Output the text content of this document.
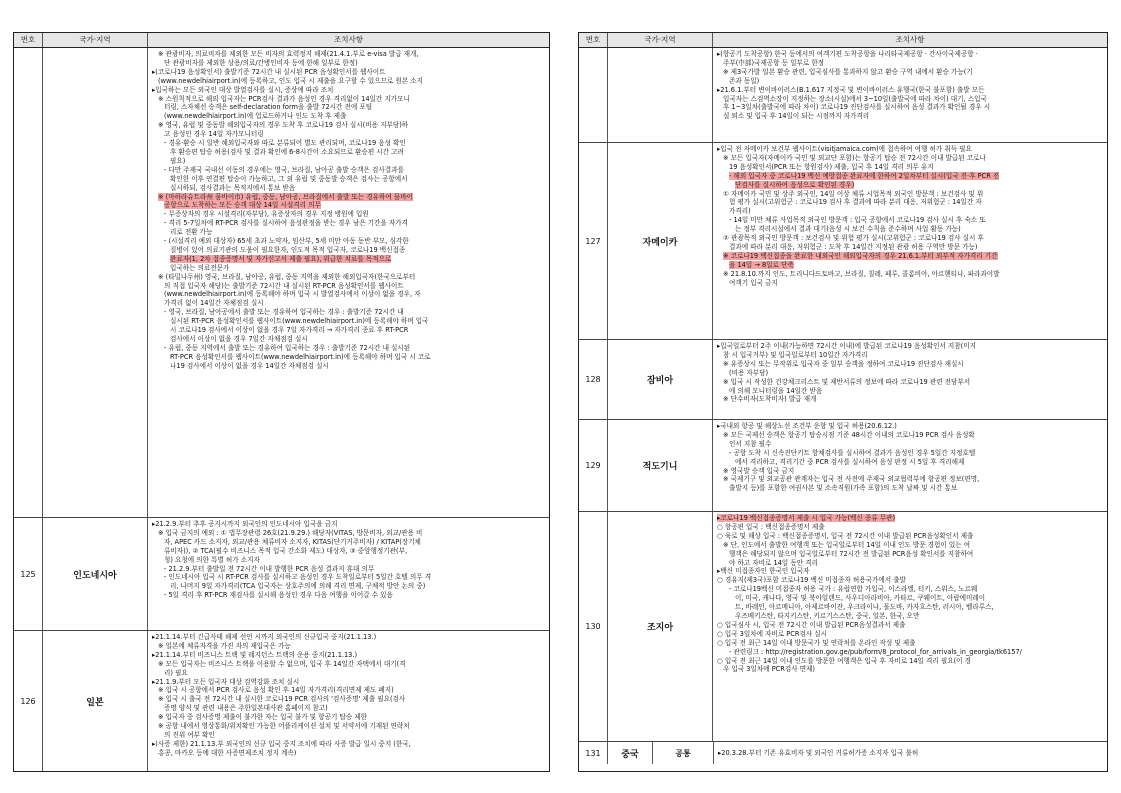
번호	국가·지역	조치사항
※ 관광비자, 의료비자를 제외한 모든 비자의 효력정지 해제(21.4.1.부로 e-visa 발급 재개,
단 관광비자를 제외한 상용/의료/간병인비자 등에 한해 일부로 한정)
▸(코로나19 음성확인서) 출발기준 72시간 내 실시된 PCR 음성확인서를 웹사이트
(www.newdelhiairport.in)에 등록하고, 인도 입국 시 제출을 요구할 수 있으므로 원본 소지
▸입국하는 모든 외국인 대상 발열검사를 실시, 증상에 따라 조치
※ 스원칙적으로 해외 입국자는 PCR검사 결과가 음성인 경우 격리없이 14일간 지가모니
터링, 스자체선 승객은 self-declaration form을 출발 72시간 전에 포털
(www.newdelhiairport.in)에 업로드하거나 인도 도착 후 제출
※ 영국, 유럽 및 중동발 해외입국자의 경우 도착 후 코로나19 검사 실시(비용 지부담)하
고 음성인 경우 14일 자가모니터링
- 경유·환승 시 일반 해외입국자와 따로 분류되어 별도 관리되며, 코로나19 음성 확인
후 환승편 탑승 허용(검사 및 결과 확인에 6-8시간이 소요되므로 환승편 시간 고려
필요)
- 다만 주재국 국내선 이동의 경우에는 영국, 브라질, 남아공 출발 승객은 검사결과를
확인한 이후 연결편 탑승이 가능하고, 그 외 유럽 및 중동발 승객은 검사는 공항에서
실시하되, 검사결과는 목적지에서 통보 받음
※ (마하라슈트라州 뭄바이市) 유럽, 중동, 남아공, 브라질에서 출발 또는 경유하여 뭄바이
공항으로 도착하는 모든 승객 대상 14일 시설격리 의무
- 무증상자의 경우 시설격리(자부담), 유증상자의 경우 지정 병원에 입원
- 격리 5-7일차에 RT-PCR 검사를 실시하여 음성판정을 받는 경우 남은 기간을 자가격
리로 전환 가능
- (시설격리 예외 대상자) 65세 초과 노약자, 임산부, 5세 미만 아동 동반 부모, 심각한
질병이 있어 의료기관의 도움이 필요한자, 인도적 목적 입국자, 코로나19 백신접종
완료자(1, 2차 접종증명서 및 자가신고서 제출 필요), 위급한 치료를 목적으로
입국하는 의료전문가
※ (타밀나두州) 영국, 브라질, 남아공, 유럽, 중동 지역을 제외한 해외입국자(한국으로부터
의 직접 입국자 해당)는 출발기준 72시간 내 실시된 RT-PCR 음성확인서를 웹사이트
(www.newdelhiairport.in)에 등록해야 하며 입국 시 발열검사에서 이상이 없을 경우, 자
가격리 없이 14일간 자체점검 실시
- 영국, 브라질, 남아공에서 출발 또는 경유하여 입국하는 경우 : 출발기준 72시간 내
실시된 RT-PCR 음성확인서를 웹사이트(www.newdelhiairport.in)에 등록해야 하며 입국
시 코로나19 검사에서 이상이 없을 경우 7일 자가격리 → 자가격리 종료 후 RT-PCR
검사에서 이상이 없을 경우 7일간 자체점검 실시
- 유럽, 중동 지역에서 출발 또는 경유하여 입국하는 경우 : 출발기준 72시간 내 실시된
RT-PCR 음성확인서를 웹사이트(www.newdelhiairport.in)에 등록해야 하며 입국 시 코로
나19 검사에서 이상이 없을 경우 14일간 자체점검 실시
125	인도네시아
▸21.2.9.부터 추후 공지시까지 외국인의 인도네시아 입국을 금지
※ 입국 금지의 예외 : ① 법무장관령 26호(21.9.29.) 해당자(VITAS, 방문비자, 외교/관용 비
자, APEC 카드 소지자, 외교/관용 체류비자 소지자, KITAS(단기거주비자) / KITAP(장기체
류비자)), ② TCA(필수 비즈니스 목적 입국 간소화 제도) 대상자, ③ 중앙행정기관(부,
청) 요청에 의한 특별 허가 소지자
- 21.2.9.부터 출발일 전 72시간 이내 발행한 PCR 음성 결과지 휴대 의무
- 인도네시아 입국 시 RT-PCR 검사를 실시하고 음성인 경우 도착일로부터 5일간 호텔 의무 격
리, 나머지 9일 자가격리(TCA 입국자는 상호주의에 의해 격리 면제, 구체적 방안 논의 중)
- 5일 격리 후 RT-PCR 재검사를 실시해 음성인 경우 다음 여행을 이어갈 수 있음
126	일본
▸21.1.14.부터 긴급사태 해제 선언 시까지 외국인의 신규입국 중지(21.1.13.)
※ 일본에 체류자격을 가진 자의 재입국은 가능
▸21.1.14.부터 비즈니스 트랙 및 레지던스 트랙의 운용 중지(21.1.13.)
※ 모든 입국자는 비즈니스 트랙을 이용할 수 없으며, 입국 후 14일간 자택에서 대기(격
리) 필요
▸21.1.9.부터 모든 입국자 대상 검역강화 조치 실시
※ 입국 시 공항에서 PCR 검사로 음성 확인 후 14일 자가격리(격리면제 제도 폐지)
※ 입국 시 출국 전 72시간 내 실시한 코로나19 PCR 검사의 '검사증명' 제출 필요(검사
증명 양식 및 관련 내용은 주한일본대사관 홈페이지 참고)
※ 입국자 중 검사증명 제출이 불가한 자는 입국 불가 및 항공기 탑승 제한
※ 공항 내에서 영상통화/위치확인 가능한 어플리케이션 설치 및 서약서에 기재된 연락처
의 진위 여부 확인
▸(사증 제한) 21.1.13.부 외국인의 신규 입국 중지 조치에 따라 사증 발급 일시 중지 (한국,
홍콩, 마카오 등에 대한 사증면제조치 정지 계속)
번호	국가·지역	조치사항
▸(항공기 도착공항) 한국 등에서의 여객기편 도착공항을 나리타국제공항 · 간사이국제공항 ·
주부(中部)국제공항 등 일부로 한정
※ 제3국가발 일본 환승 관련, 입국심사를 통과하지 않고 환승 구역 내에서 환승 가능(기
존과 동일)
▸21.6.1.부터 변이바이러스(B.1.617 지정국 및 변이바이러스 유행국(한국 불포함) 출발 모든
입국자는 스검역소장이 지정하는 장소(시설)에서 3~10일(출발국에 따라 차이) 대기, 스입국
후 1~3일차(출발국에 따라 차이) 코로나19 진단검사를 실시하여 음성 결과가 확인될 경우 시
설 퇴소 및 입국 후 14일이 되는 시점까지 자가격리
127	자메이카
▸입국 전 자메이카 보건부 웹사이트(visitjamaica.com)에 접속하여 여행 허가 취득 필요
※ 모든 입국자(자메이카 국민 및 외교단 포함)는 항공기 탑승 전 72시간 이내 발급된 코로나
19 음성확인서(PCR 또는 항원검사) 제출, 입국 후 14일 격리 의무 유지
- 해외 입국자 중 코로나19 백신 예방접종 완료자에 한하여 2일차부터 실시(입국 전·후 PCR 진
단검사를 실시하여 음성으로 확인된 경우)
① 자메이카 국민 및 상주 외국인, 14일 이상 체류 시업목적 외국인 방문객 : 보건검사 및 위
험 평가 실시(고위험군 : 코로나19 검사 후 결과에 따라 분리 대응, 저위험군 : 14일간 자
가격리)
- 14일 미만 체류 사업목적 외국인 방문객 : 입국 공항에서 코로나19 검사 실시 후 숙소 또
는 정부 격리시설에서 결과 대기(음성 시 보건 수칙을 준수하며 사업 활동 가능)
② 관광목적 외국인 방문객 : 보건검사 및 위험 평가 실시(고위험군 : 코로나19 검사 실시 후
결과에 따라 분리 대응, 저위험군 : 도착 후 14일간 지정된 관광 허용 구역만 방문 가능)
※ 코로나19 백신접종을 완료한 내외국인 해외입국자의 경우 21.6.1.부터 외부적 자가격리 기간
을 14일 → 8일로 단축
※ 21.8.10.까지 인도, 트리니다드토바고, 브라질, 칠레, 페루, 콜롬비아, 아르헨티나, 파라과이발
여객기 입국 금지
128	잠비아
▸입국일로부터 2주 이내(가능하면 72시간 이내)에 발급된 코로나19 음성확인서 지참(미지
참 시 입국거부) 및 입국일로부터 10일간 자가격리
※ 유증상시 또는 무작위로 입국자 중 일부 승객을 정하여 코로나19 진단검사 재실시
(비용 자부담)
※ 입국 시 작성한 건강체크리스트 및 제반서류의 정보에 따라 코로나19 관련 전담부서
에 의해 모니터링을 14일간 받음
※ 단수비자(도착비자) 발급 재개
129	적도기니
▸국내외 항공 및 해상노선 조건부 운항 및 입국 허용(20.6.12.)
※ 모든 국제선 승객은 항공기 탑승시점 기준 48시간 이내의 코로나19 PCR 검사 음성확
인서 지참 필수
- 공항 도착 시 신속진단키트 항체검사를 실시하여 결과가 음성인 경우 5일간 지정호텔
에서 격리하고, 격리기간 중 PCR 검사를 실시하여 음성 판정 시 5일 후 격리해제
※ 영국발 승객 입국 금지
※ 국제기구 및 외교공관 관계자는 입국 전 사전에 주재국 외교협력부에 항공편 정보(편명,
출발지 등)를 포함한 여권사본 및 소속직원(가족 포함)의 도착 날짜 및 시간 통보
130	조지아
▸코로나19 백신접종증명서 제출 시 입국 가능(백신 종류 무관)
○ 항공편 입국 : 백신접종증명서 제출
○ 육로 및 해상 입국 : 백신접종증명서, 입국 전 72시간 이내 발급된 PCR음성확인서 제출
※ 단, 인도에서 출발한 여행객 또는 입국일로부터 14일 이내 인도 방문 경험이 있는 여
행객은 해당되지 않으며 입국일로부터 72시간 전 발급된 PCR음성 확인서를 지참하여
야 하고 자비로 14일 동안 격리
▸백신 미접종자인 한국인 입국자
○ 경유지(제3국)포함 코로나19 백신 미접종자 허용국가에서 출발
- 코로나19백신 미접종자 허용 국가 : 유럽연합 가입국, 이스라엘, 터키, 스위스, 노르웨
이, 미국, 캐나다, 영국 및 북아일랜드, 사우디아라비아, 카타르, 쿠웨이트, 아랍에미레이
트, 바레인, 아르메니아, 아제르바이잔, 우크라이나, 몰도바, 카자흐스탄, 러시아, 벨라루스,
우즈베키스탄, 타지키스탄, 키르기스스탄, 중국, 일본, 한국, 오만
○ 입국심사 시, 입국 전 72시간 이내 발급된 PCR음성결과서 제출
○ 입국 3일차에 자비로 PCR검사 실시
○ 입국 전 최근 14일 이내 방문국가 및 연락처를 온라인 작성 및 제출
- 관련링크 : http://registration.gov.ge/pub/form/8_protocol_for_arrivals_in_georgia/tk6157/
○ 입국 전 최근 14일 이내 인도를 방문한 여행객은 입국 후 자비로 14일 격리 필요(이 경
우 입국 3일차에 PCR검사 면제)
131	중국	공통	▸20.3.28.부터 기존 유효비자 및 외국인 거류허가증 소지자 입국 불허
